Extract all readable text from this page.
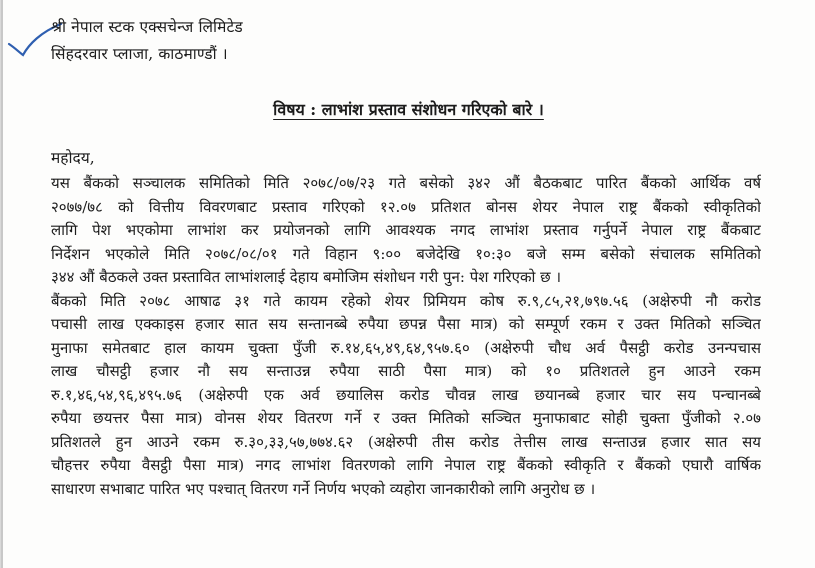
श्री नेपाल स्टक एक्सचेन्ज लिमिटेड
सिंहदरवार प्लाजा, काठमाण्डौं ।
विषय : लाभांश प्रस्ताव संशोधन गरिएको बारे ।
महोदय,
यस बैंकको सञ्चालक समितिको मिति २०७८/०७/२३ गते बसेको ३४२ औं बैठकबाट पारित बैंकको आर्थिक वर्ष
२०७७/७८ को वित्तीय विवरणबाट प्रस्ताव गरिएको १२.०७ प्रतिशत बोनस शेयर नेपाल राष्ट्र बैंकको स्वीकृतिको
लागि पेश भएकोमा लाभांश कर प्रयोजनको लागि आवश्यक नगद लाभांश प्रस्ताव गर्नुपर्ने नेपाल राष्ट्र बैंकबाट
निर्देशन भएकोले मिति २०७८/०८/०१ गते विहान ९:०० बजेदेखि १०:३० बजे सम्म बसेको संचालक समितिको
३४४ औं बैठकले उक्त प्रस्तावित लाभांशलाई देहाय बमोजिम संशोधन गरी पुन: पेश गरिएको छ ।
बैंकको मिति २०७८ आषाढ ३१ गते कायम रहेको शेयर प्रिमियम कोष रु.९,८५,२१,७९७.५६ (अक्षेरुपी नौ करोड
पचासी लाख एक्काइस हजार सात सय सन्तानब्बे रुपैया छपन्न पैसा मात्र) को सम्पूर्ण रकम र उक्त मितिको सञ्चित
मुनाफा समेतबाट हाल कायम चुक्ता पुँजी रु.१४,६५,४९,६४,९५७.६० (अक्षेरुपी चौध अर्व पैसट्ठी करोड उनन्पचास
लाख चौसट्ठी हजार नौ सय सन्ताउन्न रुपैया साठी पैसा मात्र) को १० प्रतिशतले हुन आउने रकम
रु.१,४६,५४,९६,४९५.७६ (अक्षेरुपी एक अर्व छयालिस करोड चौवन्न लाख छयानब्बे हजार चार सय पन्चानब्बे
रुपैया छयत्तर पैसा मात्र) वोनस शेयर वितरण गर्ने र उक्त मितिको सञ्चित मुनाफाबाट सोही चुक्ता पुँजीको २.०७
प्रतिशतले हुन आउने रकम रु.३०,३३,५७,७७४.६२ (अक्षेरुपी तीस करोड तेत्तीस लाख सन्ताउन्न हजार सात सय
चौहत्तर रुपैया वैसट्ठी पैसा मात्र) नगद लाभांश वितरणको लागि नेपाल राष्ट्र बैंकको स्वीकृति र बैंकको एघारौ वार्षिक
साधारण सभाबाट पारित भए पश्चात् वितरण गर्ने निर्णय भएको व्यहोरा जानकारीको लागि अनुरोध छ ।
